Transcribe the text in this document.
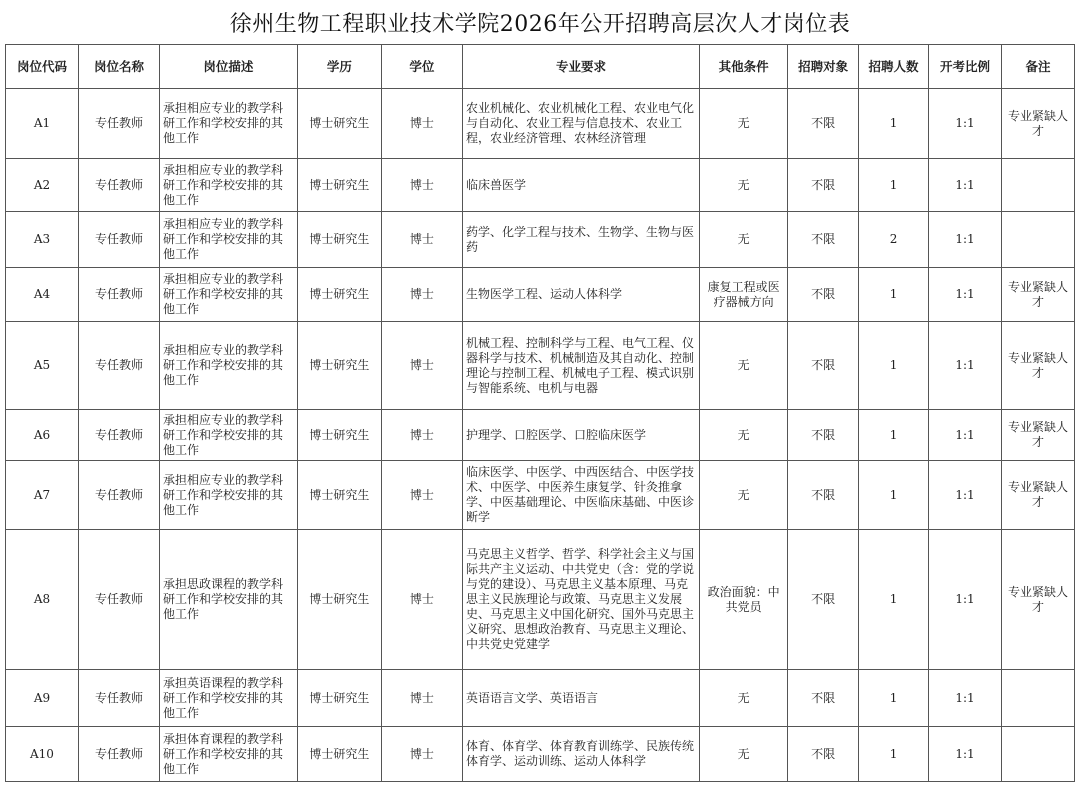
徐州生物工程职业技术学院2026年公开招聘高层次人才岗位表
岗位代码	岗位名称	岗位描述	学历	学位	专业要求	其他条件	招聘对象	招聘人数	开考比例	备注
A1	专任教师	承担相应专业的教学科研工作和学校安排的其他工作	博士研究生	博士	农业机械化、农业机械化工程、农业电气化与自动化、农业工程与信息技术、农业工程，农业经济管理、农林经济管理	无	不限	1	1:1	专业紧缺人才
A2	专任教师	承担相应专业的教学科研工作和学校安排的其他工作	博士研究生	博士	临床兽医学	无	不限	1	1:1	
A3	专任教师	承担相应专业的教学科研工作和学校安排的其他工作	博士研究生	博士	药学、化学工程与技术、生物学、生物与医药	无	不限	2	1:1	
A4	专任教师	承担相应专业的教学科研工作和学校安排的其他工作	博士研究生	博士	生物医学工程、运动人体科学	康复工程或医疗器械方向	不限	1	1:1	专业紧缺人才
A5	专任教师	承担相应专业的教学科研工作和学校安排的其他工作	博士研究生	博士	机械工程、控制科学与工程、电气工程、仪器科学与技术、机械制造及其自动化、控制理论与控制工程、机械电子工程、模式识别与智能系统、电机与电器	无	不限	1	1:1	专业紧缺人才
A6	专任教师	承担相应专业的教学科研工作和学校安排的其他工作	博士研究生	博士	护理学、口腔医学、口腔临床医学	无	不限	1	1:1	专业紧缺人才
A7	专任教师	承担相应专业的教学科研工作和学校安排的其他工作	博士研究生	博士	临床医学、中医学、中西医结合、中医学技术、中医学、中医养生康复学、针灸推拿学、中医基础理论、中医临床基础、中医诊断学	无	不限	1	1:1	专业紧缺人才
A8	专任教师	承担思政课程的教学科研工作和学校安排的其他工作	博士研究生	博士	马克思主义哲学、哲学、科学社会主义与国际共产主义运动、中共党史（含：党的学说与党的建设）、马克思主义基本原理、马克思主义民族理论与政策、马克思主义发展史、马克思主义中国化研究、国外马克思主义研究、思想政治教育、马克思主义理论、中共党史党建学	政治面貌：中共党员	不限	1	1:1	专业紧缺人才
A9	专任教师	承担英语课程的教学科研工作和学校安排的其他工作	博士研究生	博士	英语语言文学、英语语言	无	不限	1	1:1	
A10	专任教师	承担体育课程的教学科研工作和学校安排的其他工作	博士研究生	博士	体育、体育学、体育教育训练学、民族传统体育学、运动训练、运动人体科学	无	不限	1	1:1	
